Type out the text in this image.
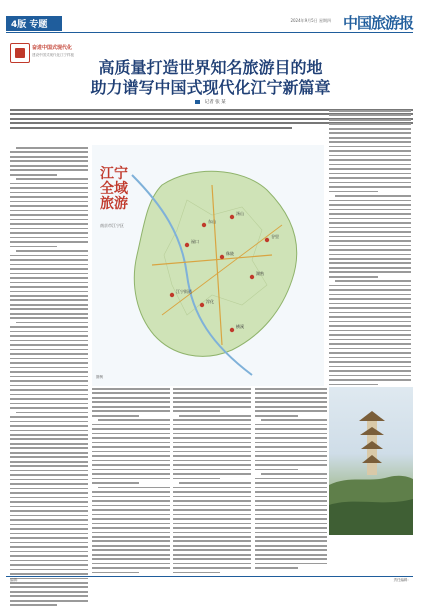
4版 专题	2024年9月5日 星期四 中国旅游报
奋进中国式现代化
建设中国式现代化江宁样板
高质量打造世界知名旅游目的地
助力谱写中国式现代化江宁新篇章
记者 张 某
江宁全域旅游
南京市江宁区
汤山
湖熟
淳化
禄口
秣陵
谷里
横溪
江宁街道
东山
图例
编辑：	责任编辑：
